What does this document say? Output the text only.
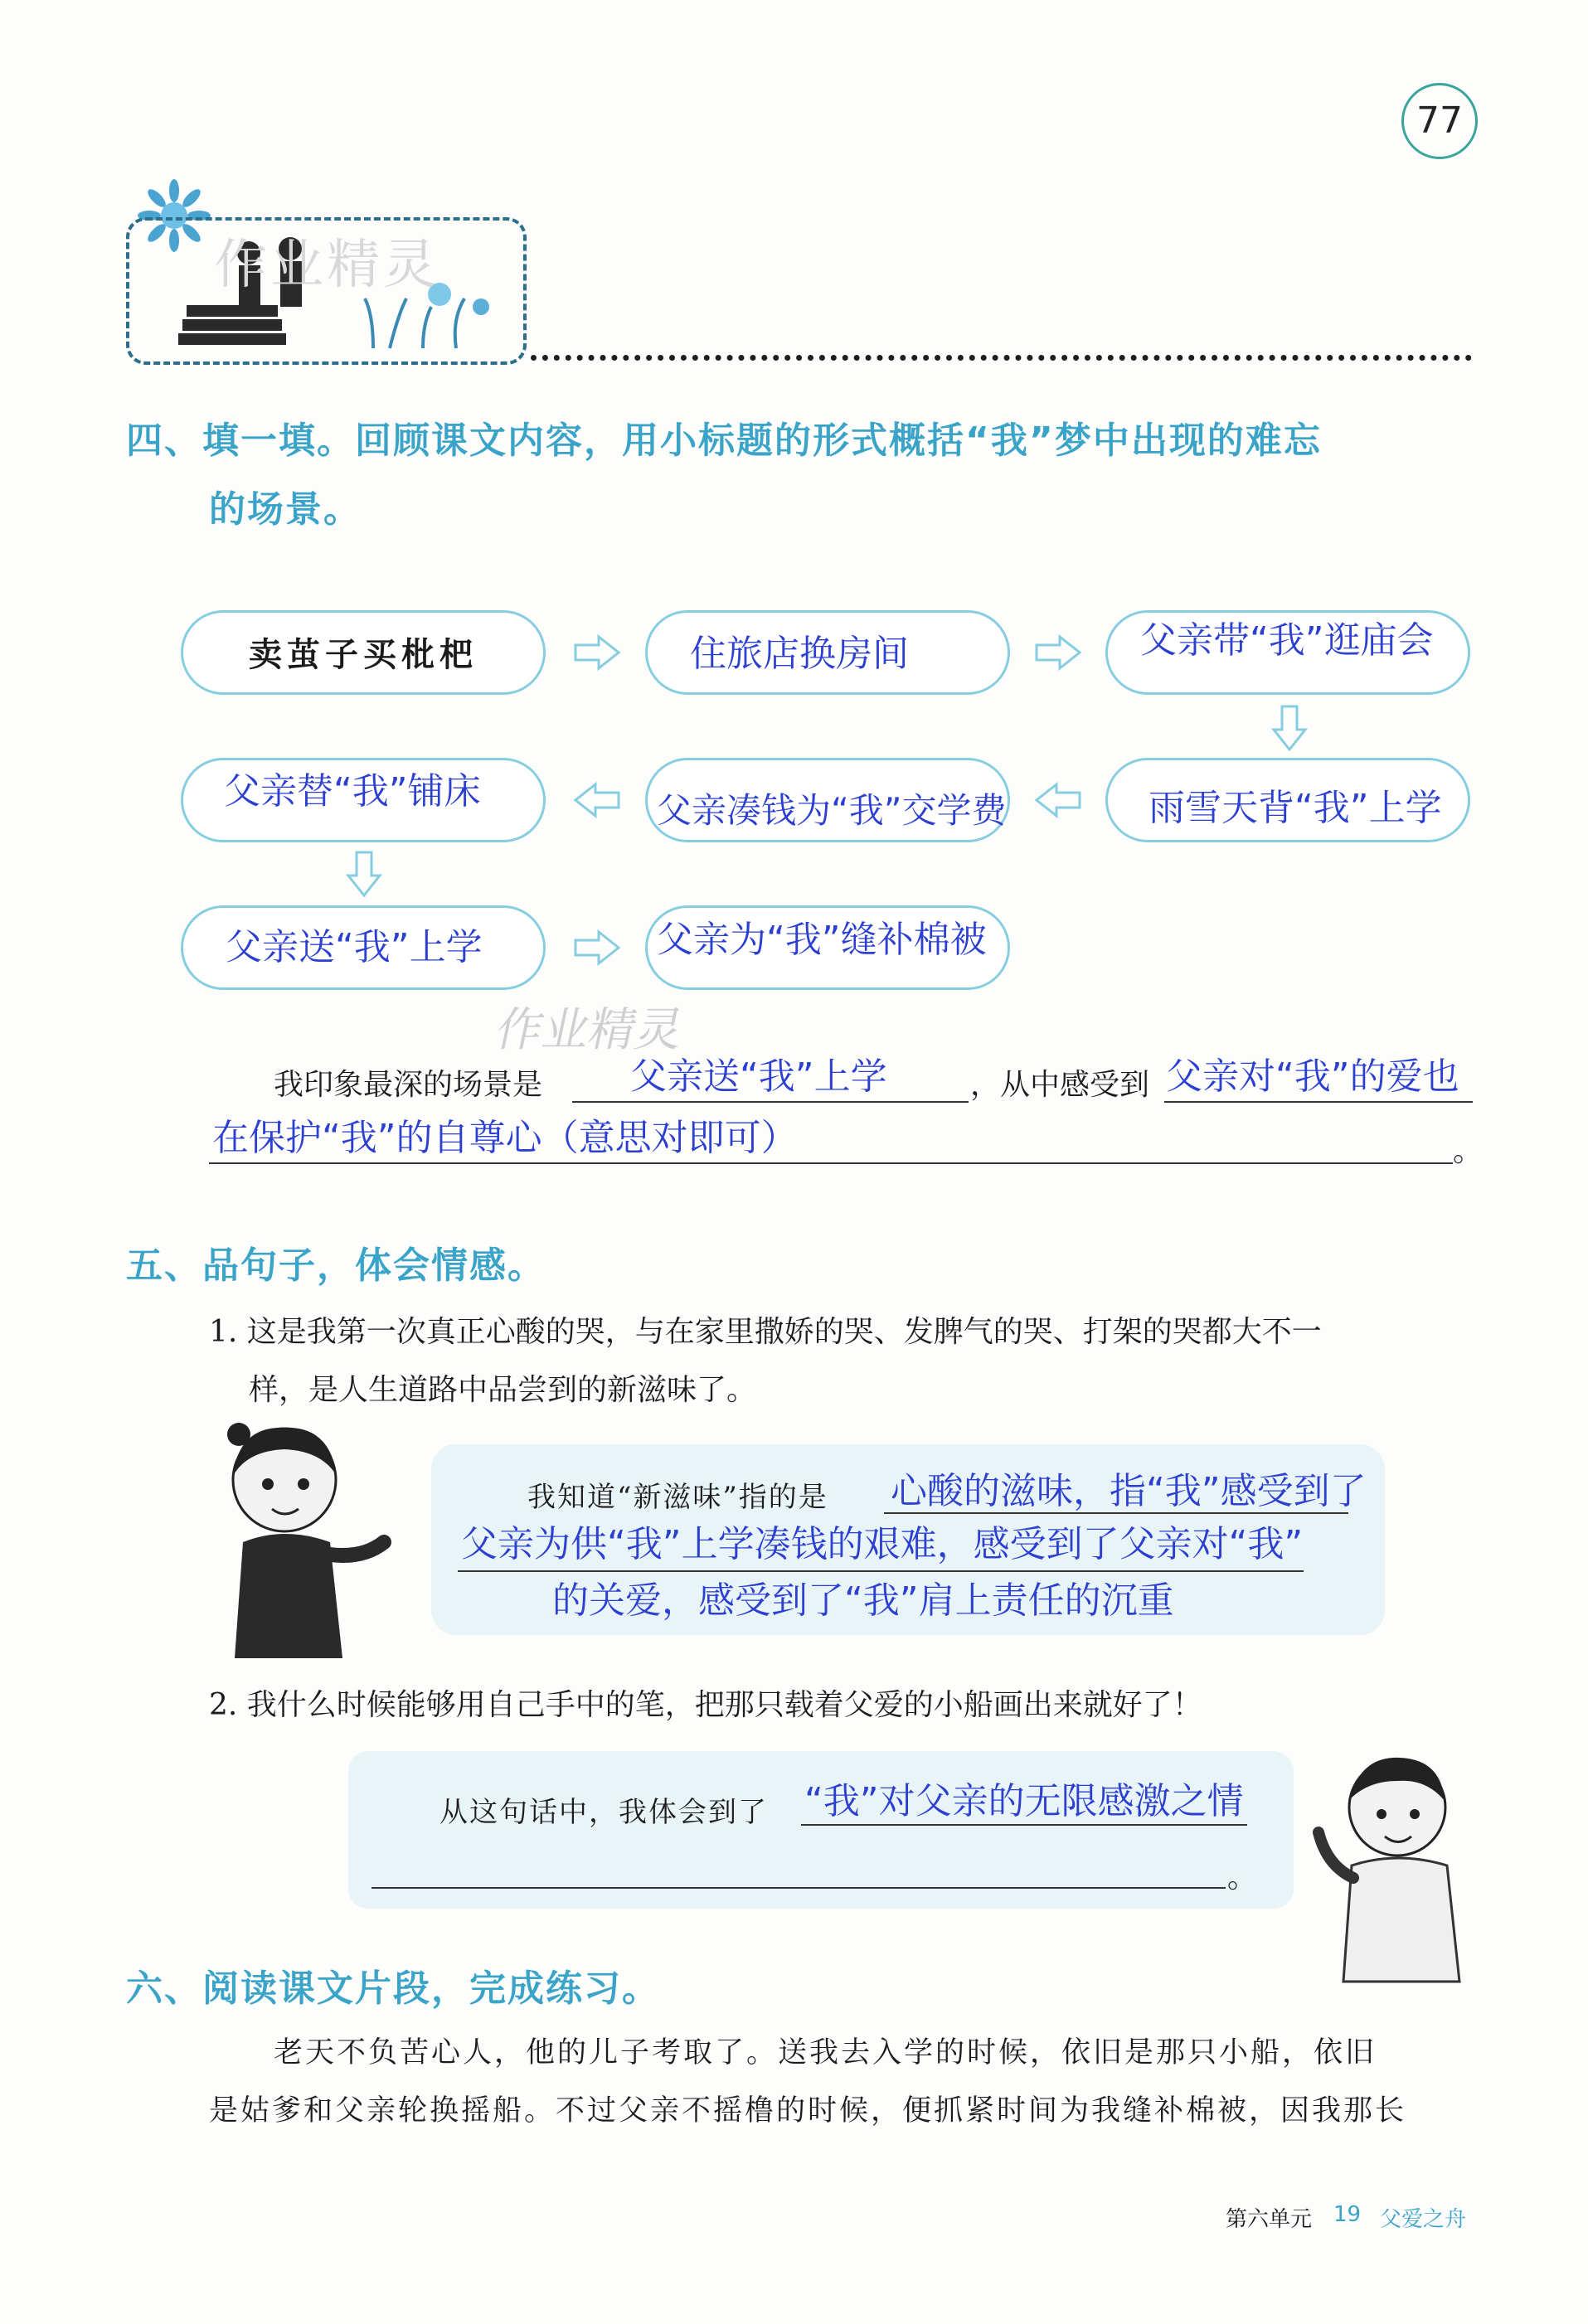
77
作业精灵
四、填一填。回顾课文内容，用小标题的形式概括“我”梦中出现的难忘
的场景。
卖茧子买枇杷	住旅店换房间	父亲带“我”逛庙会
雨雪天背“我”上学
父亲凑钱为“我”交学费
父亲替“我”铺床
父亲送“我”上学	父亲为“我”缝补棉被
作业精灵
我印象最深的场景是 父亲送“我”上学	，从中感受到 父亲对“我”的爱也
在保护“我”的自尊心（意思对即可）	。
五、品句子，体会情感。
1. 这是我第一次真正心酸的哭，与在家里撒娇的哭、发脾气的哭、打架的哭都大不一
样，是人生道路中品尝到的新滋味了。
我知道“新滋味”指的是 心酸的滋味，指“我”感受到了
父亲为供“我”上学凑钱的艰难，感受到了父亲对“我”
的关爱，感受到了“我”肩上责任的沉重
2. 我什么时候能够用自己手中的笔，把那只载着父爱的小船画出来就好了！
从这句话中，我体会到了 “我”对父亲的无限感激之情
。
六、阅读课文片段，完成练习。
老天不负苦心人，他的儿子考取了。送我去入学的时候，依旧是那只小船，依旧
是姑爹和父亲轮换摇船。不过父亲不摇橹的时候，便抓紧时间为我缝补棉被，因我那长
第六单元 19 父爱之舟
